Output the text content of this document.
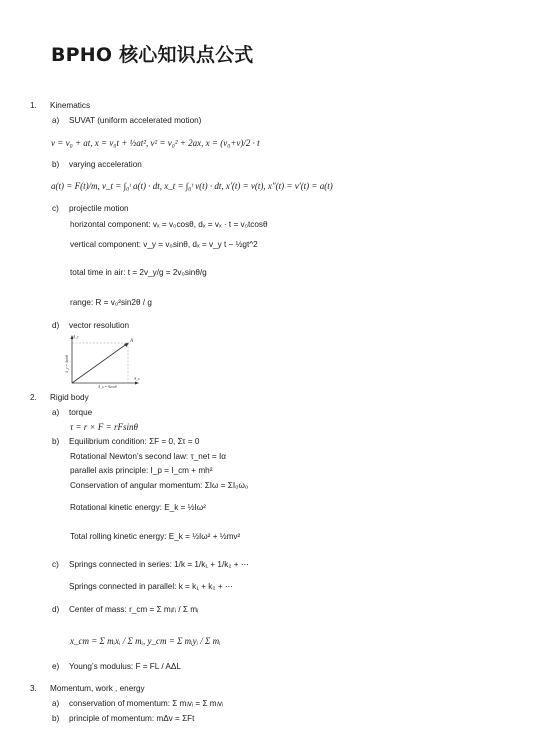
BPHO 核心知识点公式
1. Kinematics
a) SUVAT (uniform accelerated motion)
v = v₀ + at, x = v₀t + ½at², v² = v₀² + 2ax, x = (v₀+v)/2 · t
b) varying acceleration
a(t) = F(t)/m, v_t = ∫₀ᵗ a(t) · dt, x_t = ∫₀ᵗ v(t) · dt, x′(t) = v(t), x″(t) = v′(t) = a(t)
c) projectile motion
horizontal component: vₓ = v₀cosθ, dₓ = vₓ · t = v₀tcosθ
vertical component: v_y = v₀sinθ, dₓ = v_y t − ½gt^2
total time in air: t = 2v_y/g = 2v₀sinθ/g
range: R = v₀²sin2θ / g
d) vector resolution
A
A_y = Asinθ
A_x = Acosθ
A_y
A_x
2. Rigid body
a) torque
τ = r × F = rFsinθ
b) Equilibrium condition: ΣF = 0, Στ = 0
Rotational Newton’s second law: τ_net = Iα
parallel axis principle: I_p = I_cm + mh²
Conservation of angular momentum: ΣIω = ΣI₀ω₀
Rotational kinetic energy: E_k = ½Iω²
Total rolling kinetic energy: E_k = ½Iω² + ½mv²
c) Springs connected in series: 1/k = 1/k₁ + 1/k₂ + ⋯
Springs connected in parallel: k = k₁ + k₂ + ⋯
d) Center of mass: r_cm = Σ mᵢrᵢ / Σ mᵢ
x_cm = Σ mᵢxᵢ / Σ mᵢ, y_cm = Σ mᵢyᵢ / Σ mᵢ
e) Young’s modulus: F = FL / AΔL
3. Momentum, work , energy
a) conservation of momentum: Σ mᵢvᵢ = Σ mᵢvᵢ
b) principle of momentum: mΔv = ΣFt
